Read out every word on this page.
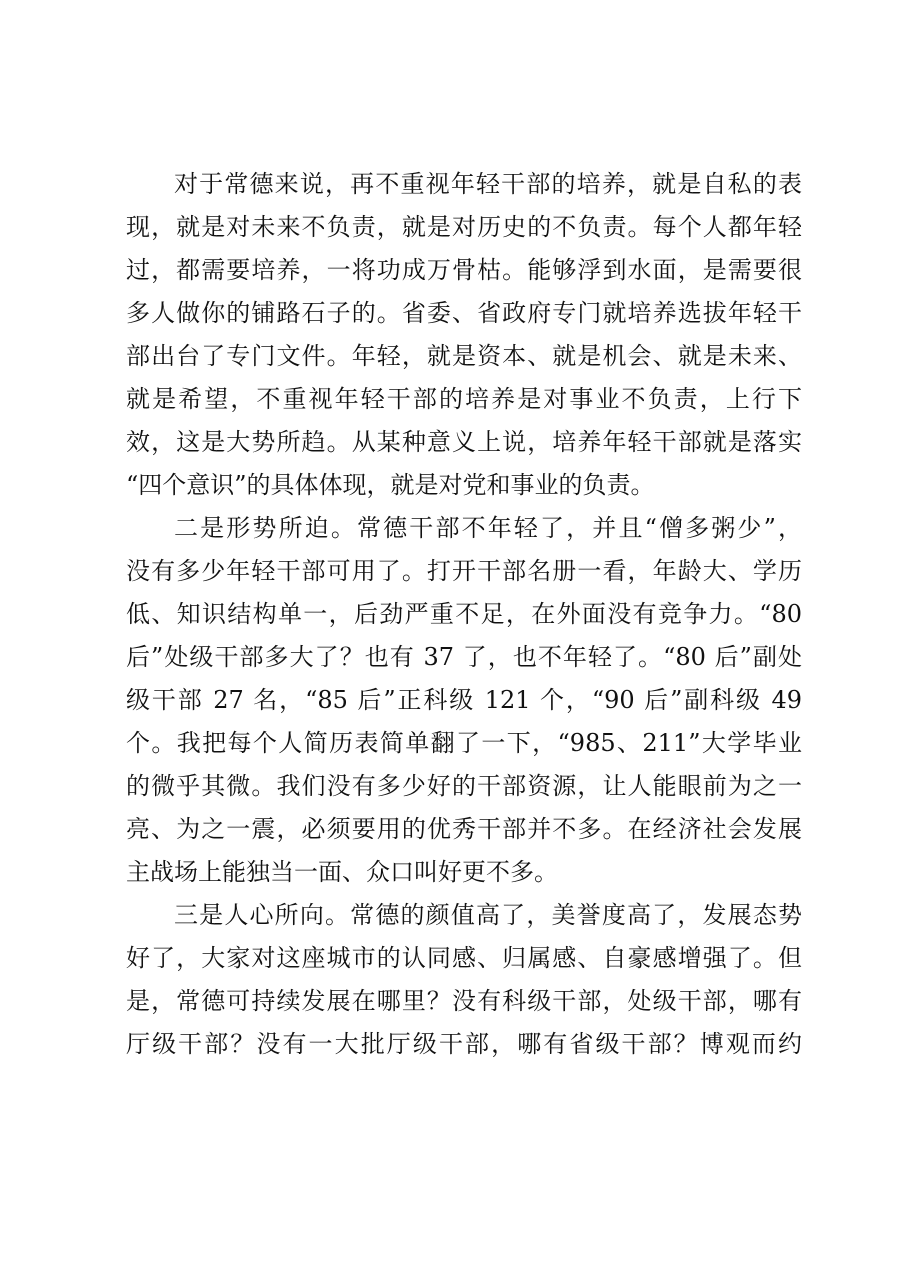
对于常德来说，再不重视年轻干部的培养，就是自私的表
现，就是对未来不负责，就是对历史的不负责。每个人都年轻
过，都需要培养，一将功成万骨枯。能够浮到水面，是需要很
多人做你的铺路石子的。省委、省政府专门就培养选拔年轻干
部出台了专门文件。年轻，就是资本、就是机会、就是未来、
就是希望，不重视年轻干部的培养是对事业不负责，上行下
效，这是大势所趋。从某种意义上说，培养年轻干部就是落实
“四个意识”的具体体现，就是对党和事业的负责。
二是形势所迫。常德干部不年轻了，并且“僧多粥少”，
没有多少年轻干部可用了。打开干部名册一看，年龄大、学历
低、知识结构单一，后劲严重不足，在外面没有竞争力。“80
后”处级干部多大了？也有 37 了，也不年轻了。“80 后”副处
级干部 27 名，“85 后”正科级 121 个，“90 后”副科级 49
个。我把每个人简历表简单翻了一下，“985、211”大学毕业
的微乎其微。我们没有多少好的干部资源，让人能眼前为之一
亮、为之一震，必须要用的优秀干部并不多。在经济社会发展
主战场上能独当一面、众口叫好更不多。
三是人心所向。常德的颜值高了，美誉度高了，发展态势
好了，大家对这座城市的认同感、归属感、自豪感增强了。但
是，常德可持续发展在哪里？没有科级干部，处级干部，哪有
厅级干部？没有一大批厅级干部，哪有省级干部？博观而约
